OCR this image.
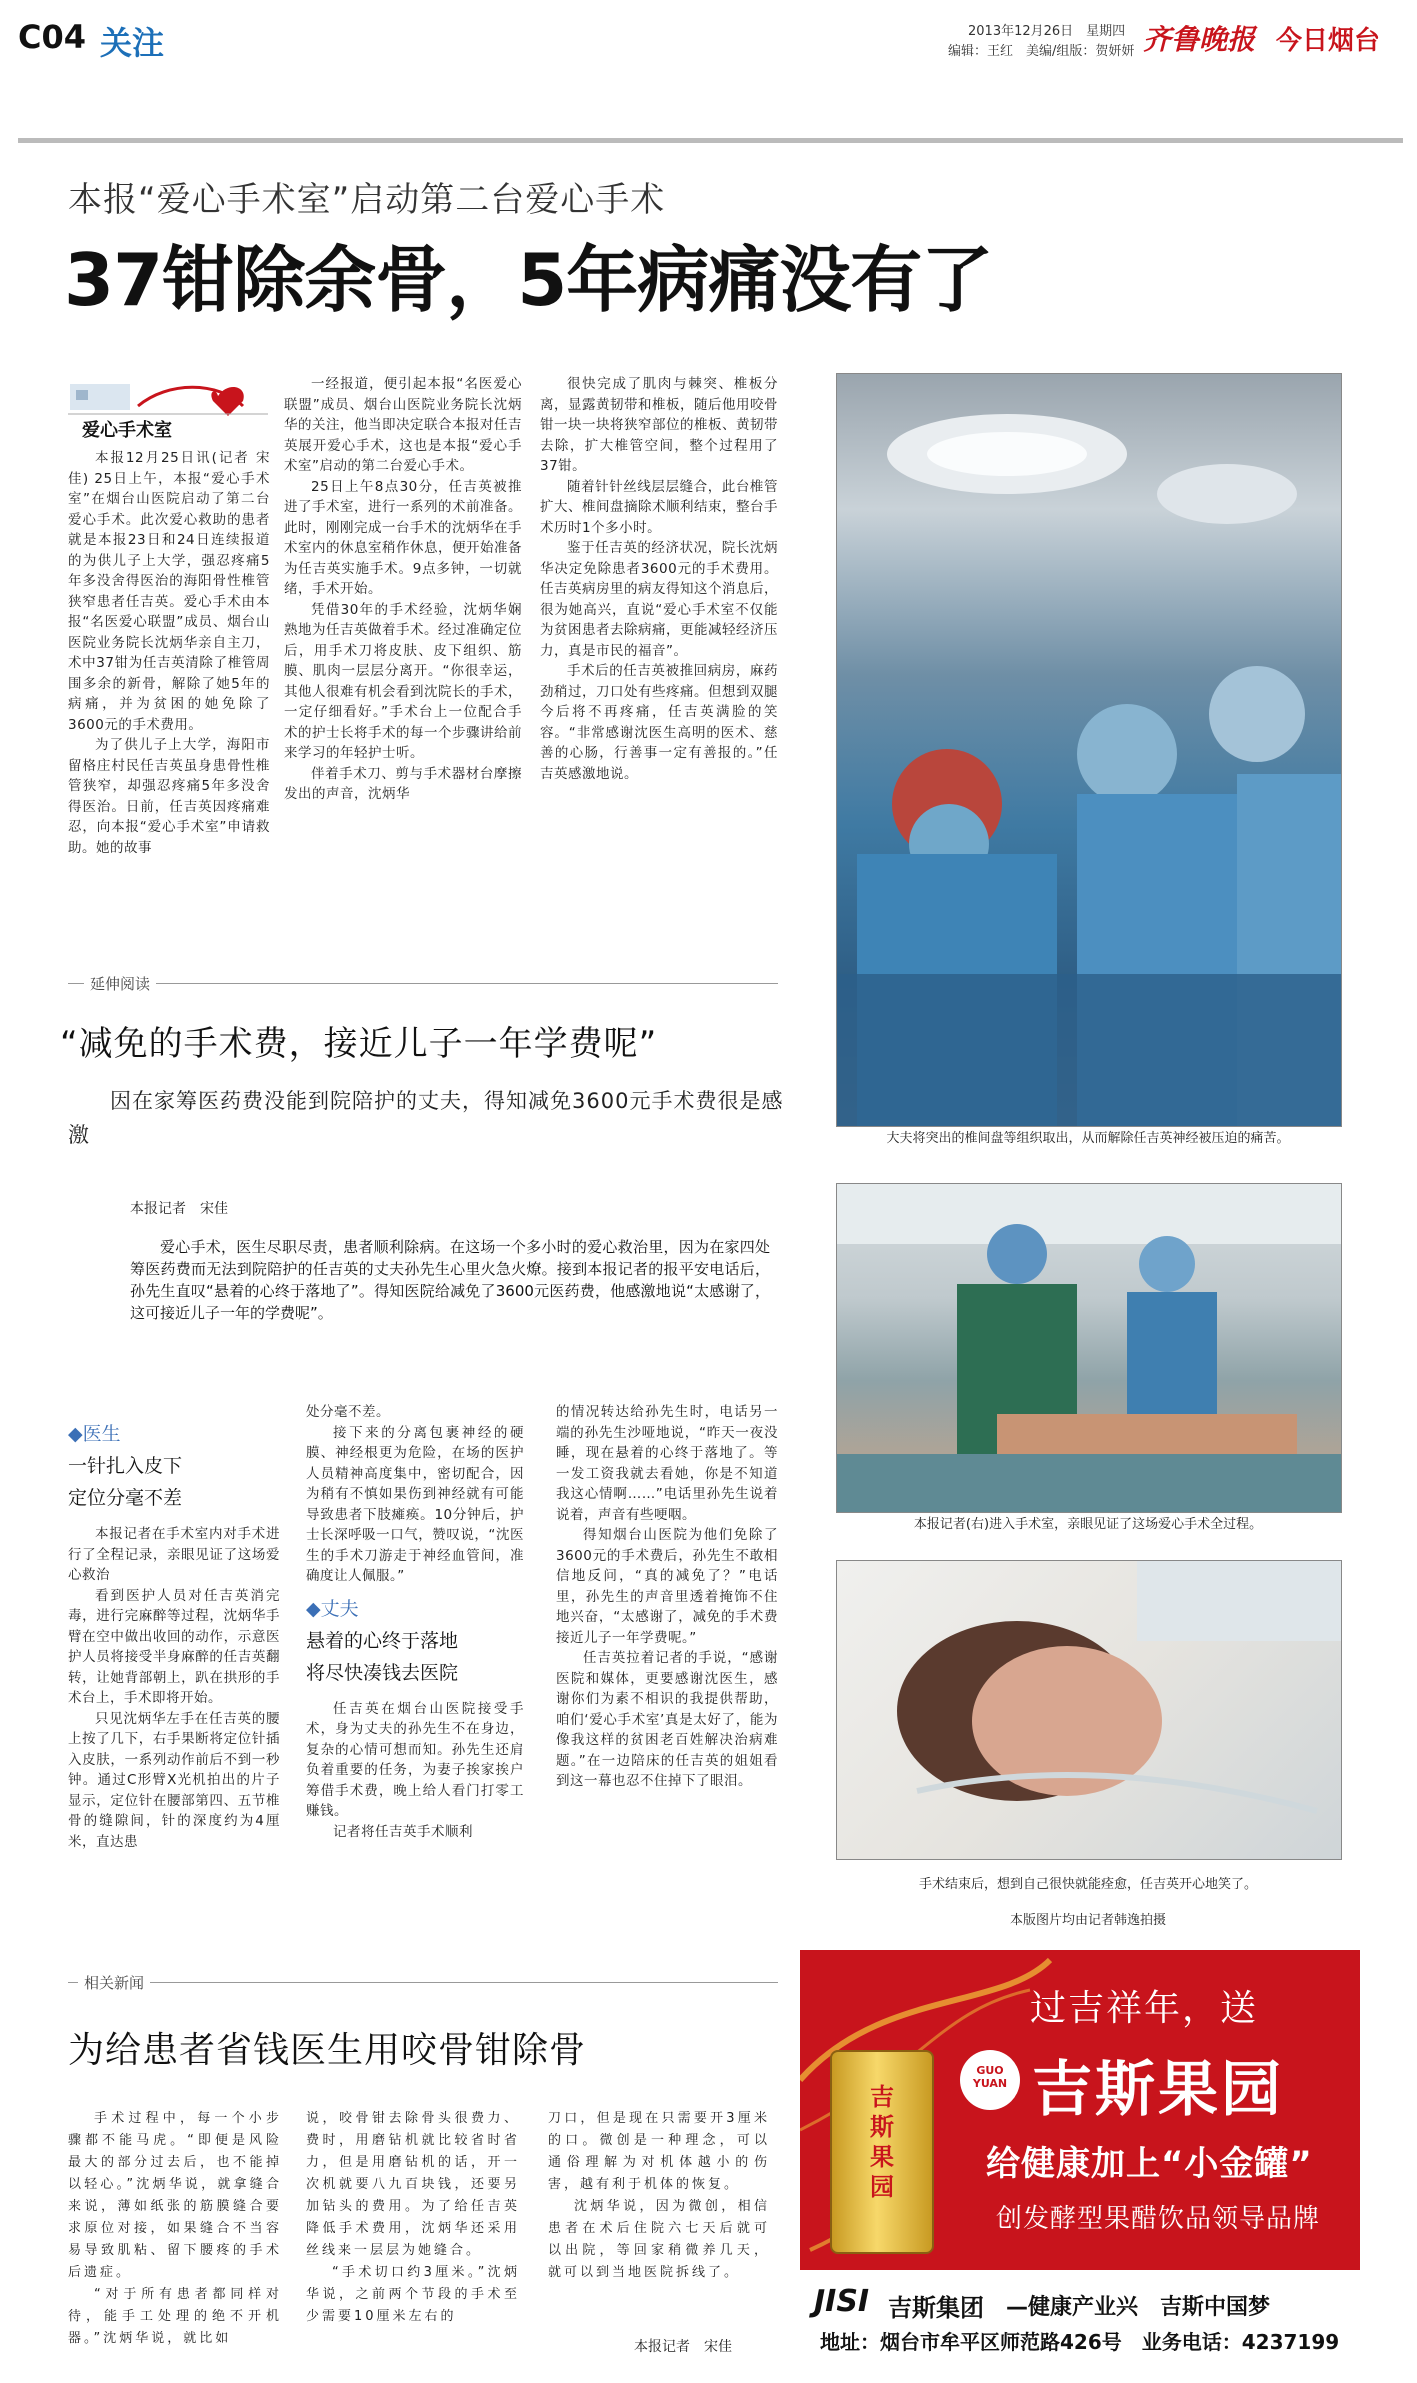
C04 关注	2013年12月26日　星期四
编辑：王红　美编/组版：贺妍妍 齐鲁晚报 今日烟台
本报“爱心手术室”启动第二台爱心手术
37钳除余骨，5年病痛没有了
爱心手术室

本报12月25日讯(记者 宋佳) 25日上午，本报“爱心手术室”在烟台山医院启动了第二台爱心手术。此次爱心救助的患者就是本报23日和24日连续报道的为供儿子上大学，强忍疼痛5年多没舍得医治的海阳骨性椎管狭窄患者任吉英。爱心手术由本报“名医爱心联盟”成员、烟台山医院业务院长沈炳华亲自主刀，术中37钳为任吉英清除了椎管周围多余的新骨，解除了她5年的病痛，并为贫困的她免除了3600元的手术费用。

为了供儿子上大学，海阳市留格庄村民任吉英虽身患骨性椎管狭窄，却强忍疼痛5年多没舍得医治。日前，任吉英因疼痛难忍，向本报“爱心手术室”申请救助。她的故事

一经报道，便引起本报“名医爱心联盟”成员、烟台山医院业务院长沈炳华的关注，他当即决定联合本报对任吉英展开爱心手术，这也是本报“爱心手术室”启动的第二台爱心手术。

25日上午8点30分，任吉英被推进了手术室，进行一系列的术前准备。此时，刚刚完成一台手术的沈炳华在手术室内的休息室稍作休息，便开始准备为任吉英实施手术。9点多钟，一切就绪，手术开始。

凭借30年的手术经验，沈炳华娴熟地为任吉英做着手术。经过准确定位后，用手术刀将皮肤、皮下组织、筋膜、肌肉一层层分离开。“你很幸运，其他人很难有机会看到沈院长的手术，一定仔细看好。”手术台上一位配合手术的护士长将手术的每一个步骤讲给前来学习的年轻护士听。

伴着手术刀、剪与手术器材台摩擦发出的声音，沈炳华

很快完成了肌肉与棘突、椎板分离，显露黄韧带和椎板，随后他用咬骨钳一块一块将狭窄部位的椎板、黄韧带去除，扩大椎管空间，整个过程用了37钳。

随着针针丝线层层缝合，此台椎管扩大、椎间盘摘除术顺利结束，整台手术历时1个多小时。

鉴于任吉英的经济状况，院长沈炳华决定免除患者3600元的手术费用。任吉英病房里的病友得知这个消息后，很为她高兴，直说“爱心手术室不仅能为贫困患者去除病痛，更能减轻经济压力，真是市民的福音”。

手术后的任吉英被推回病房，麻药劲稍过，刀口处有些疼痛。但想到双腿今后将不再疼痛，任吉英满脸的笑容。“非常感谢沈医生高明的医术、慈善的心肠，行善事一定有善报的。”任吉英感激地说。

大夫将突出的椎间盘等组织取出，从而解除任吉英神经被压迫的痛苦。
延伸阅读
“减免的手术费，接近儿子一年学费呢”
因在家筹医药费没能到院陪护的丈夫，得知减免3600元手术费很是感激
本报记者　宋佳
爱心手术，医生尽职尽责，患者顺利除病。在这场一个多小时的爱心救治里，因为在家四处筹医药费而无法到院陪护的任吉英的丈夫孙先生心里火急火燎。接到本报记者的报平安电话后，孙先生直叹“悬着的心终于落地了”。得知医院给减免了3600元医药费，他感激地说“太感谢了，这可接近儿子一年的学费呢”。
◆医生
一针扎入皮下
定位分毫不差

本报记者在手术室内对手术进行了全程记录，亲眼见证了这场爱心救治

看到医护人员对任吉英消完毒，进行完麻醉等过程，沈炳华手臂在空中做出收回的动作，示意医护人员将接受半身麻醉的任吉英翻转，让她背部朝上，趴在拱形的手术台上，手术即将开始。

只见沈炳华左手在任吉英的腰上按了几下，右手果断将定位针插入皮肤，一系列动作前后不到一秒钟。通过C形臂X光机拍出的片子显示，定位针在腰部第四、五节椎骨的缝隙间，针的深度约为4厘米，直达患

处分毫不差。

接下来的分离包裹神经的硬膜、神经根更为危险，在场的医护人员精神高度集中，密切配合，因为稍有不慎如果伤到神经就有可能导致患者下肢瘫痪。10分钟后，护士长深呼吸一口气，赞叹说，“沈医生的手术刀游走于神经血管间，准确度让人佩服。”

◆丈夫
悬着的心终于落地
将尽快凑钱去医院

任吉英在烟台山医院接受手术，身为丈夫的孙先生不在身边，复杂的心情可想而知。孙先生还肩负着重要的任务，为妻子挨家挨户筹借手术费，晚上给人看门打零工赚钱。

记者将任吉英手术顺利

的情况转达给孙先生时，电话另一端的孙先生沙哑地说，“昨天一夜没睡，现在悬着的心终于落地了。等一发工资我就去看她，你是不知道我这心情啊……”电话里孙先生说着说着，声音有些哽咽。

得知烟台山医院为他们免除了3600元的手术费后，孙先生不敢相信地反问，“真的减免了？”电话里，孙先生的声音里透着掩饰不住地兴奋，“太感谢了，减免的手术费接近儿子一年学费呢。”

任吉英拉着记者的手说，“感谢医院和媒体，更要感谢沈医生，感谢你们为素不相识的我提供帮助，咱们‘爱心手术室’真是太好了，能为像我这样的贫困老百姓解决治病难题。”在一边陪床的任吉英的姐姐看到这一幕也忍不住掉下了眼泪。

本报记者(右)进入手术室，亲眼见证了这场爱心手术全过程。
手术结束后，想到自己很快就能痊愈，任吉英开心地笑了。
本版图片均由记者韩逸拍摄
相关新闻
为给患者省钱医生用咬骨钳除骨

手术过程中，每一个小步骤都不能马虎。“即便是风险最大的部分过去后，也不能掉以轻心。”沈炳华说，就拿缝合来说，薄如纸张的筋膜缝合要求原位对接，如果缝合不当容易导致肌粘、留下腰疼的手术后遗症。

“对于所有患者都同样对待，能手工处理的绝不开机器。”沈炳华说，就比如

说，咬骨钳去除骨头很费力、费时，用磨钻机就比较省时省力，但是用磨钻机的话，开一次机就要八九百块钱，还要另加钻头的费用。为了给任吉英降低手术费用，沈炳华还采用丝线来一层层为她缝合。

“手术切口约3厘米。”沈炳华说，之前两个节段的手术至少需要10厘米左右的

刀口，但是现在只需要开3厘米的口。微创是一种理念，可以通俗理解为对机体越小的伤害，越有利于机体的恢复。

沈炳华说，因为微创，相信患者在术后住院六七天后就可以出院，等回家稍微养几天，就可以到当地医院拆线了。

本报记者　宋佳
吉斯果园
过吉祥年，送
GUO
YUAN 吉斯果园
给健康加上“小金罐”
创发酵型果醋饮品领导品牌
JISI 吉斯集团 —健康产业兴　吉斯中国梦
地址：烟台市牟平区师范路426号　业务电话：4237199
